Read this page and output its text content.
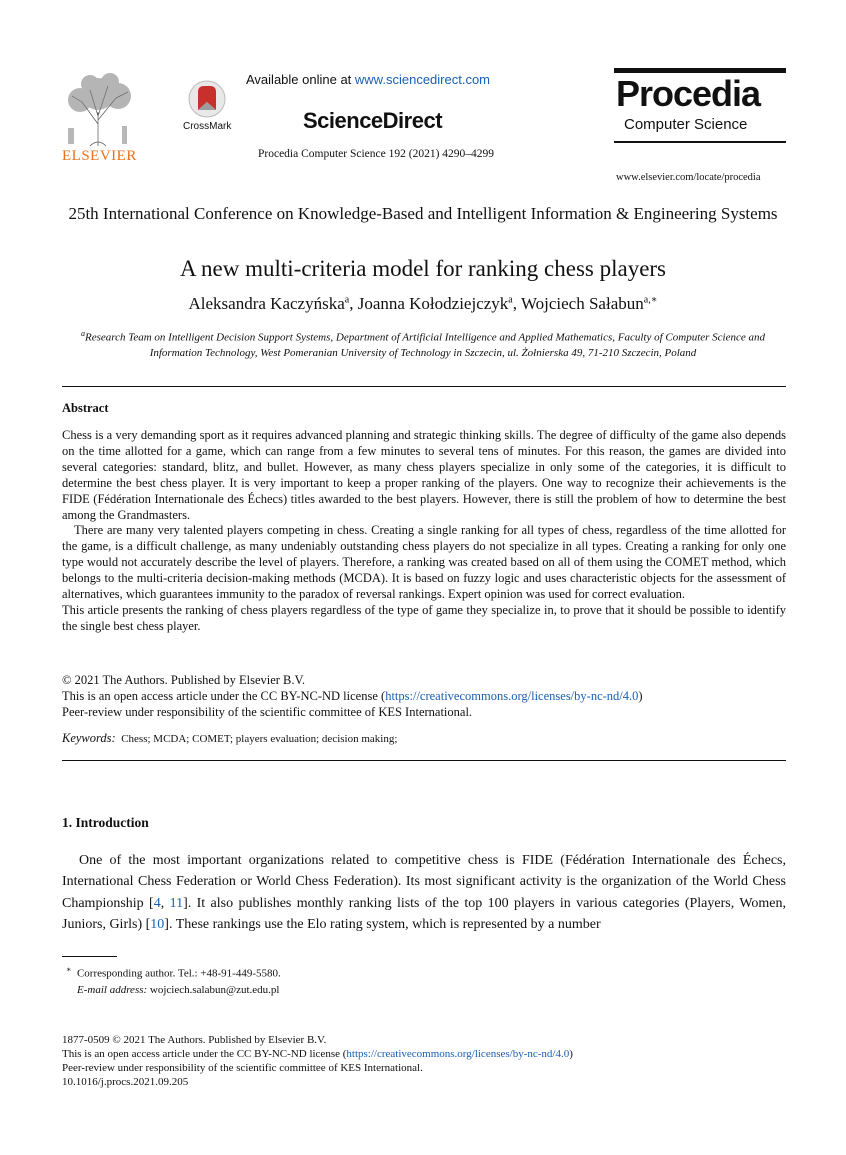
ELSEVIER
CrossMark
Available online at www.sciencedirect.com
ScienceDirect
Procedia Computer Science 192 (2021) 4290–4299
Procedia
Computer Science
www.elsevier.com/locate/procedia
25th International Conference on Knowledge-Based and Intelligent Information & Engineering Systems
A new multi-criteria model for ranking chess players
Aleksandra Kaczyńska$^a$, Joanna Kołodziejczyk$^a$, Wojciech Sałabun$^{a,∗}$
$^a$Research Team on Intelligent Decision Support Systems, Department of Artificial Intelligence and Applied Mathematics, Faculty of Computer Science and Information Technology, West Pomeranian University of Technology in Szczecin, ul. Żołnierska 49, 71-210 Szczecin, Poland
Abstract

Chess is a very demanding sport as it requires advanced planning and strategic thinking skills. The degree of difficulty of the game also depends on the time allotted for a game, which can range from a few minutes to several tens of minutes. For this reason, the games are divided into several categories: standard, blitz, and bullet. However, as many chess players specialize in only some of the categories, it is difficult to determine the best chess player. It is very important to keep a proper ranking of the players. One way to recognize their achievements is the FIDE (Fédération Internationale des Échecs) titles awarded to the best players. However, there is still the problem of how to determine the best among the Grandmasters.

There are many very talented players competing in chess. Creating a single ranking for all types of chess, regardless of the time allotted for the game, is a difficult challenge, as many undeniably outstanding chess players do not specialize in all types. Creating a ranking for only one type would not accurately describe the level of players. Therefore, a ranking was created based on all of them using the COMET method, which belongs to the multi-criteria decision-making methods (MCDA). It is based on fuzzy logic and uses characteristic objects for the assessment of alternatives, which guarantees immunity to the paradox of reversal rankings. Expert opinion was used for correct evaluation.

This article presents the ranking of chess players regardless of the type of game they specialize in, to prove that it should be possible to identify the single best chess player.

© 2021 The Authors. Published by Elsevier B.V.
This is an open access article under the CC BY-NC-ND license (https://creativecommons.org/licenses/by-nc-nd/4.0)
Peer-review under responsibility of the scientific committee of KES International.
Keywords: Chess; MCDA; COMET; players evaluation; decision making;
1. Introduction
One of the most important organizations related to competitive chess is FIDE (Fédération Internationale des Échecs, International Chess Federation or World Chess Federation). Its most significant activity is the organization of the World Chess Championship [4, 11]. It also publishes monthly ranking lists of the top 100 players in various categories (Players, Women, Juniors, Girls) [10]. These rankings use the Elo rating system, which is represented by a number
∗ Corresponding author. Tel.: +48-91-449-5580.
E-mail address: wojciech.salabun@zut.edu.pl
1877-0509 © 2021 The Authors. Published by Elsevier B.V.
This is an open access article under the CC BY-NC-ND license (https://creativecommons.org/licenses/by-nc-nd/4.0)
Peer-review under responsibility of the scientific committee of KES International.
10.1016/j.procs.2021.09.205
